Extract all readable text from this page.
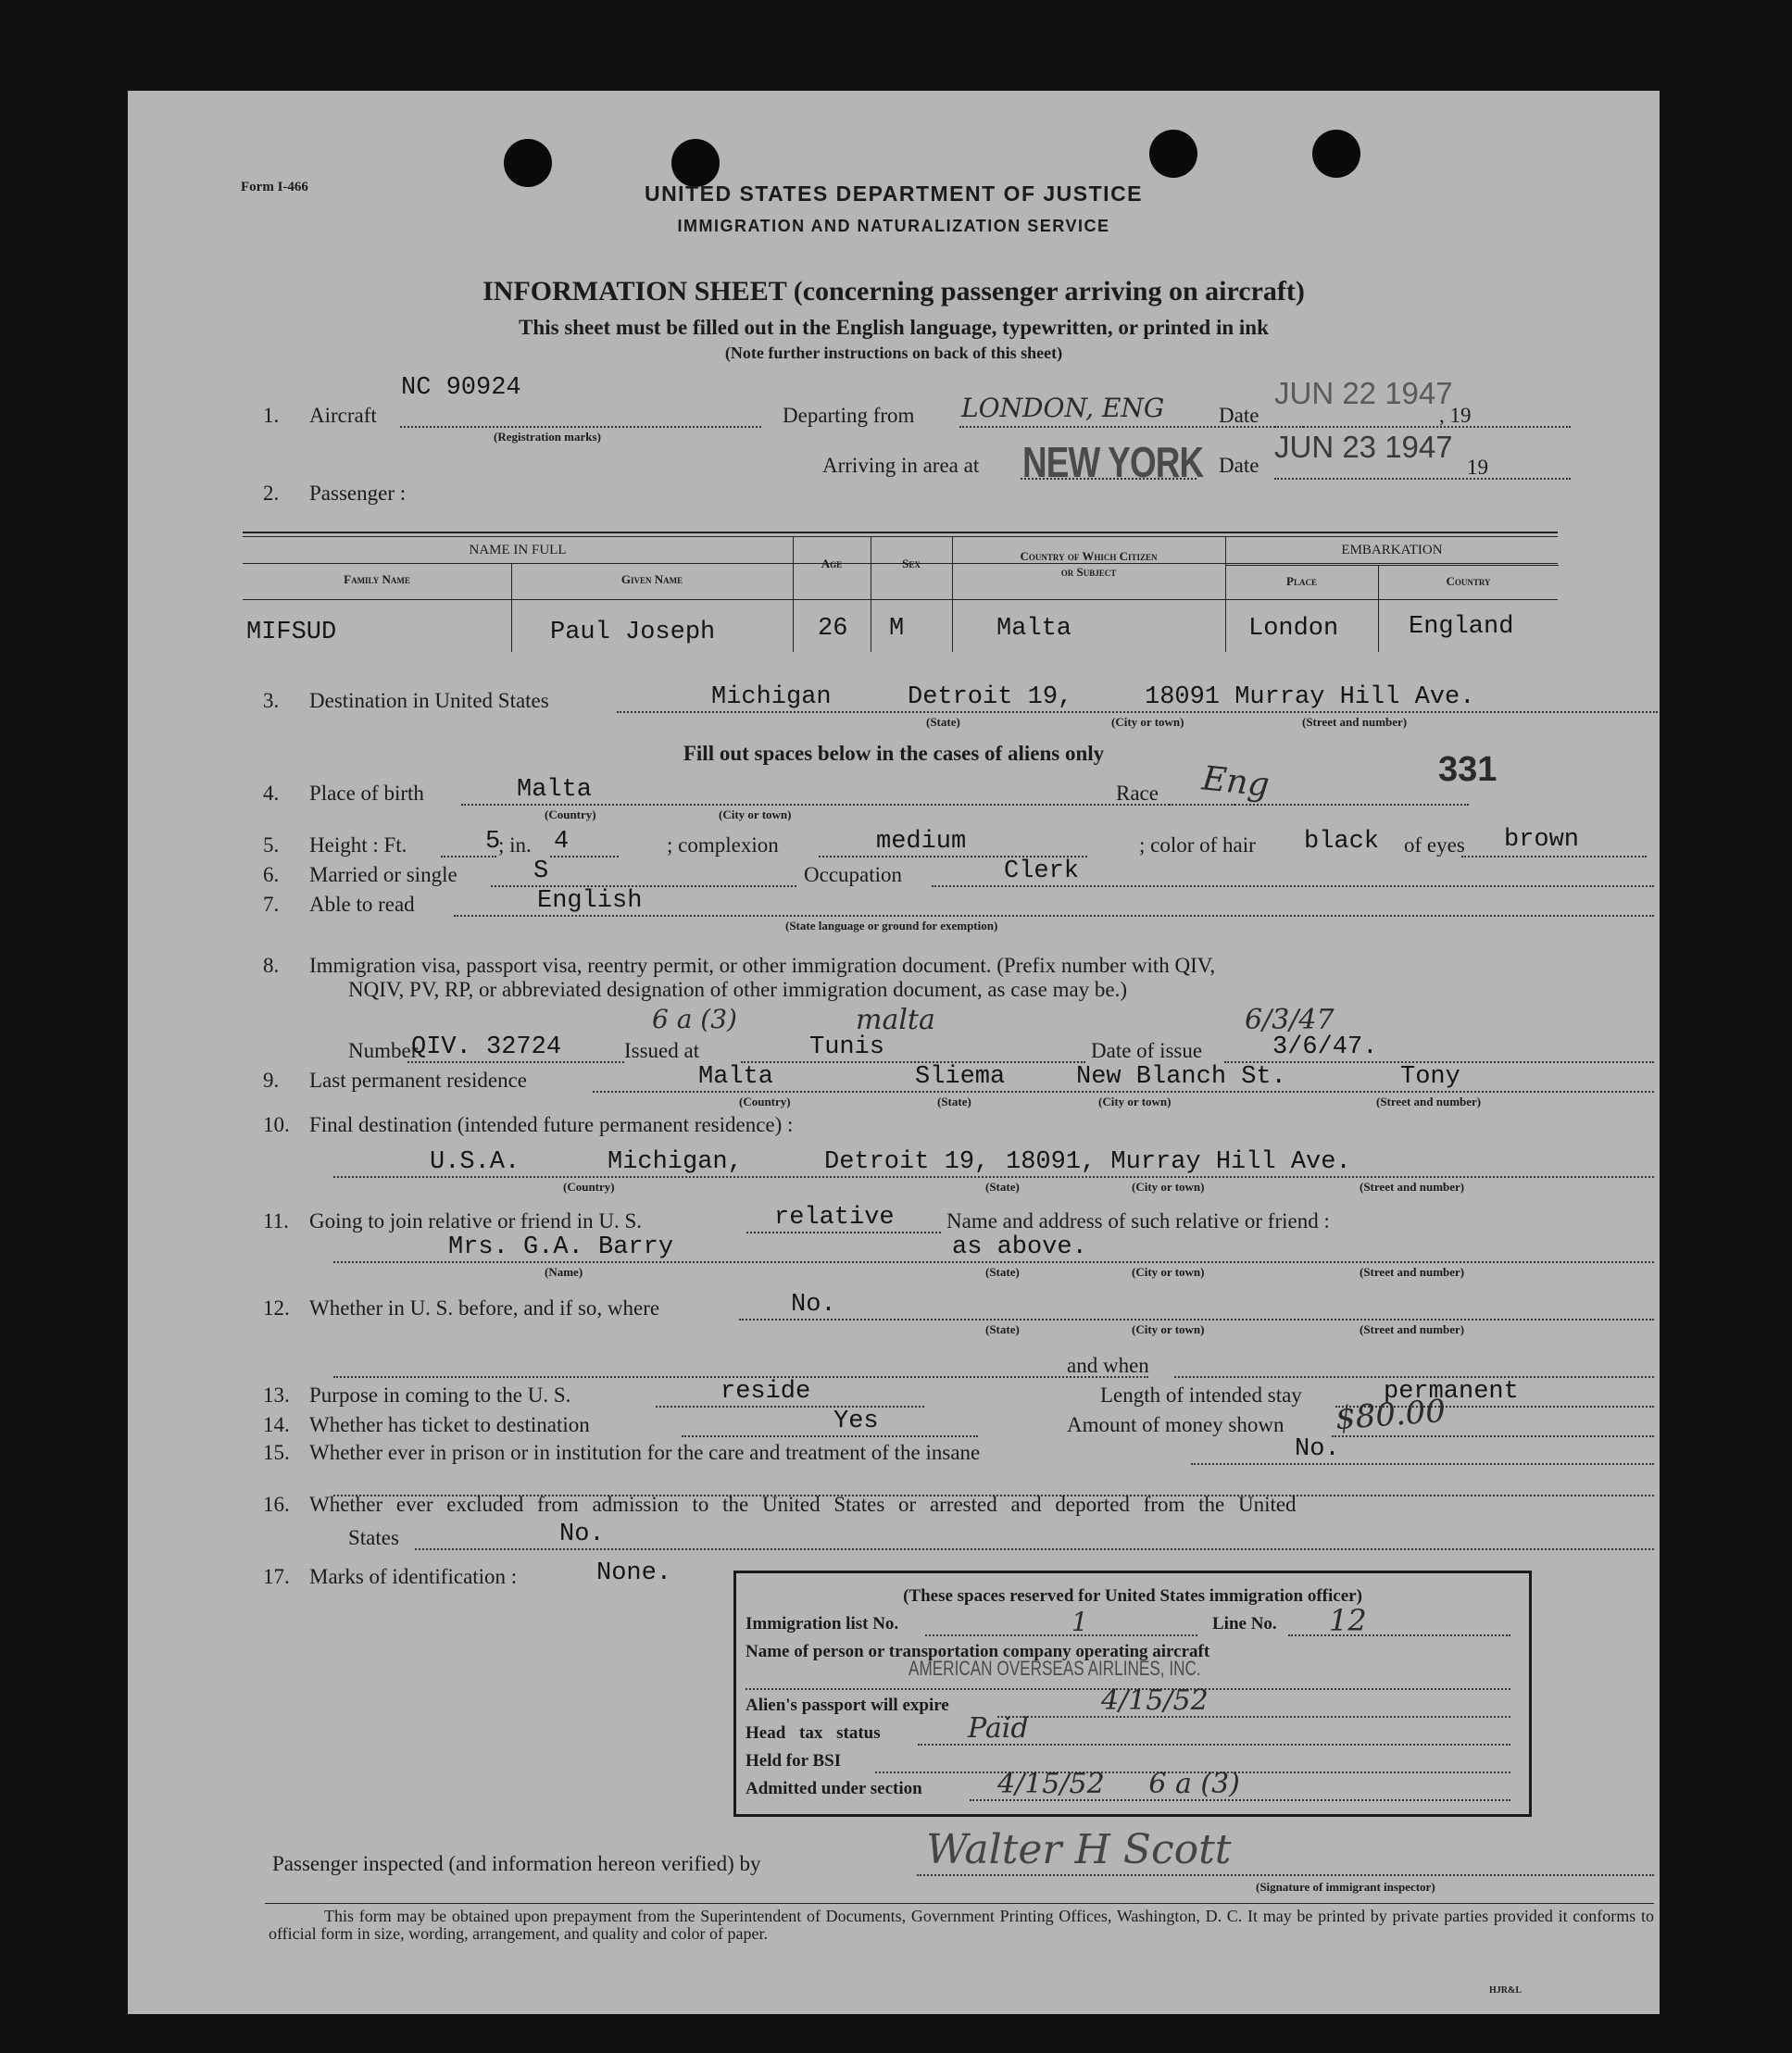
Form I-466	UNITED STATES DEPARTMENT OF JUSTICE
IMMIGRATION AND NATURALIZATION SERVICE
INFORMATION SHEET (concerning passenger arriving on aircraft)
This sheet must be filled out in the English language, typewritten, or printed in ink
(Note further instructions on back of this sheet)
1. Aircraft
NC 90924
(Registration marks)
Departing from LONDON, ENG	Date
JUN 22 1947
, 19
Arriving in area at NEW YORK Date
JUN 23 1947
19
2. Passenger :
NAME IN FULL
Family Name	Given Name
Age	Sex
Country of Which Citizen
or Subject
EMBARKATION
Place	Country
MIFSUD	Paul Joseph	26 M	Malta	London	England
3. Destination in United States	Michigan	Detroit 19,	18091 Murray Hill Ave.
(State)	(City or town)	(Street and number)
Fill out spaces below in the cases of aliens only
4. Place of birth	Malta
(Country)	(City or town)
Race Eng	331
5. Height : Ft.	5
; in. 4	; complexion	medium	; color of hair black of eyes brown
6. Married or single	S	Occupation	Clerk
7. Able to read	English
(State language or ground for exemption)
8. Immigration visa, passport visa, reentry permit, or other immigration document. (Prefix number with QIV,
NQIV, PV, RP, or abbreviated designation of other immigration document, as case may be.)
6 a (3)	malta	6/3/47
Number
QIV. 32724	Issued at	Tunis	Date of issue	3/6/47.
9. Last permanent residence	Malta	Sliema	New Blanch St.	Tony
(Country)	(State)	(City or town)	(Street and number)
10. Final destination (intended future permanent residence) :
U.S.A.	Michigan,	Detroit 19, 18091, Murray Hill Ave.
(Country)	(State)	(City or town)	(Street and number)
11. Going to join relative or friend in U. S.	relative Name and address of such relative or friend :
Mrs. G.A. Barry	as above.
(Name)	(State)	(City or town)	(Street and number)
12. Whether in U. S. before, and if so, where	No.
(State)	(City or town)	(Street and number)
and when
13. Purpose in coming to the U. S.	reside	Length of intended stay	permanent
14. Whether has ticket to destination	Yes	Amount of money shown $80.00
15. Whether ever in prison or in institution for the care and treatment of the insane	No.
16. Whether ever excluded from admission to the United States or arrested and deported from the United
States	No.
17. Marks of identification :	None.
(These spaces reserved for United States immigration officer)
Immigration list No.	1	Line No. 12
Name of person or transportation company operating aircraft
AMERICAN OVERSEAS AIRLINES, INC.
Alien's passport will expire	4/15/52
Head tax status	Paid
Held for BSI
Admitted under section	4/15/52     6 a (3)
Passenger inspected (and information hereon verified) by	Walter H Scott
(Signature of immigrant inspector)
This form may be obtained upon prepayment from the Superintendent of Documents, Government Printing Offices, Washington, D. C. It may be printed by private parties provided it conforms to official form in size, wording, arrangement, and quality and color of paper.
HJR&L
